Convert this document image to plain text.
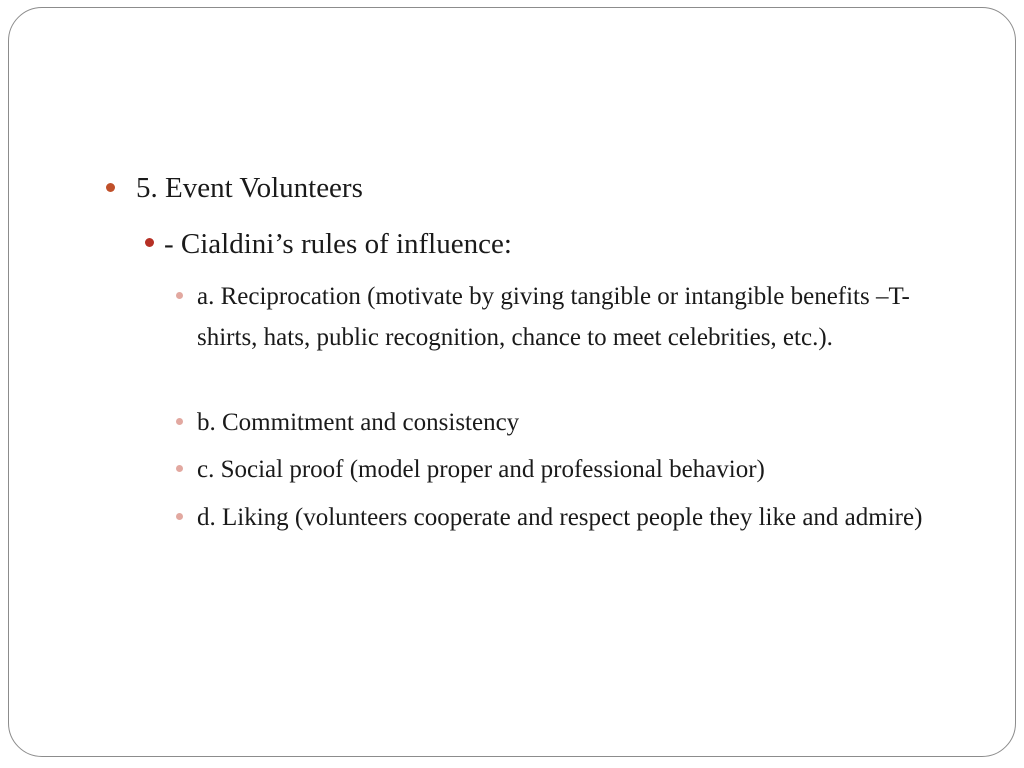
5. Event Volunteers
- Cialdini’s rules of influence:
a. Reciprocation (motivate by giving tangible or intangible benefits –T-shirts, hats, public recognition, chance to meet celebrities, etc.).
b. Commitment and consistency
c. Social proof (model proper and professional behavior)
d. Liking (volunteers cooperate and respect people they like and admire)
